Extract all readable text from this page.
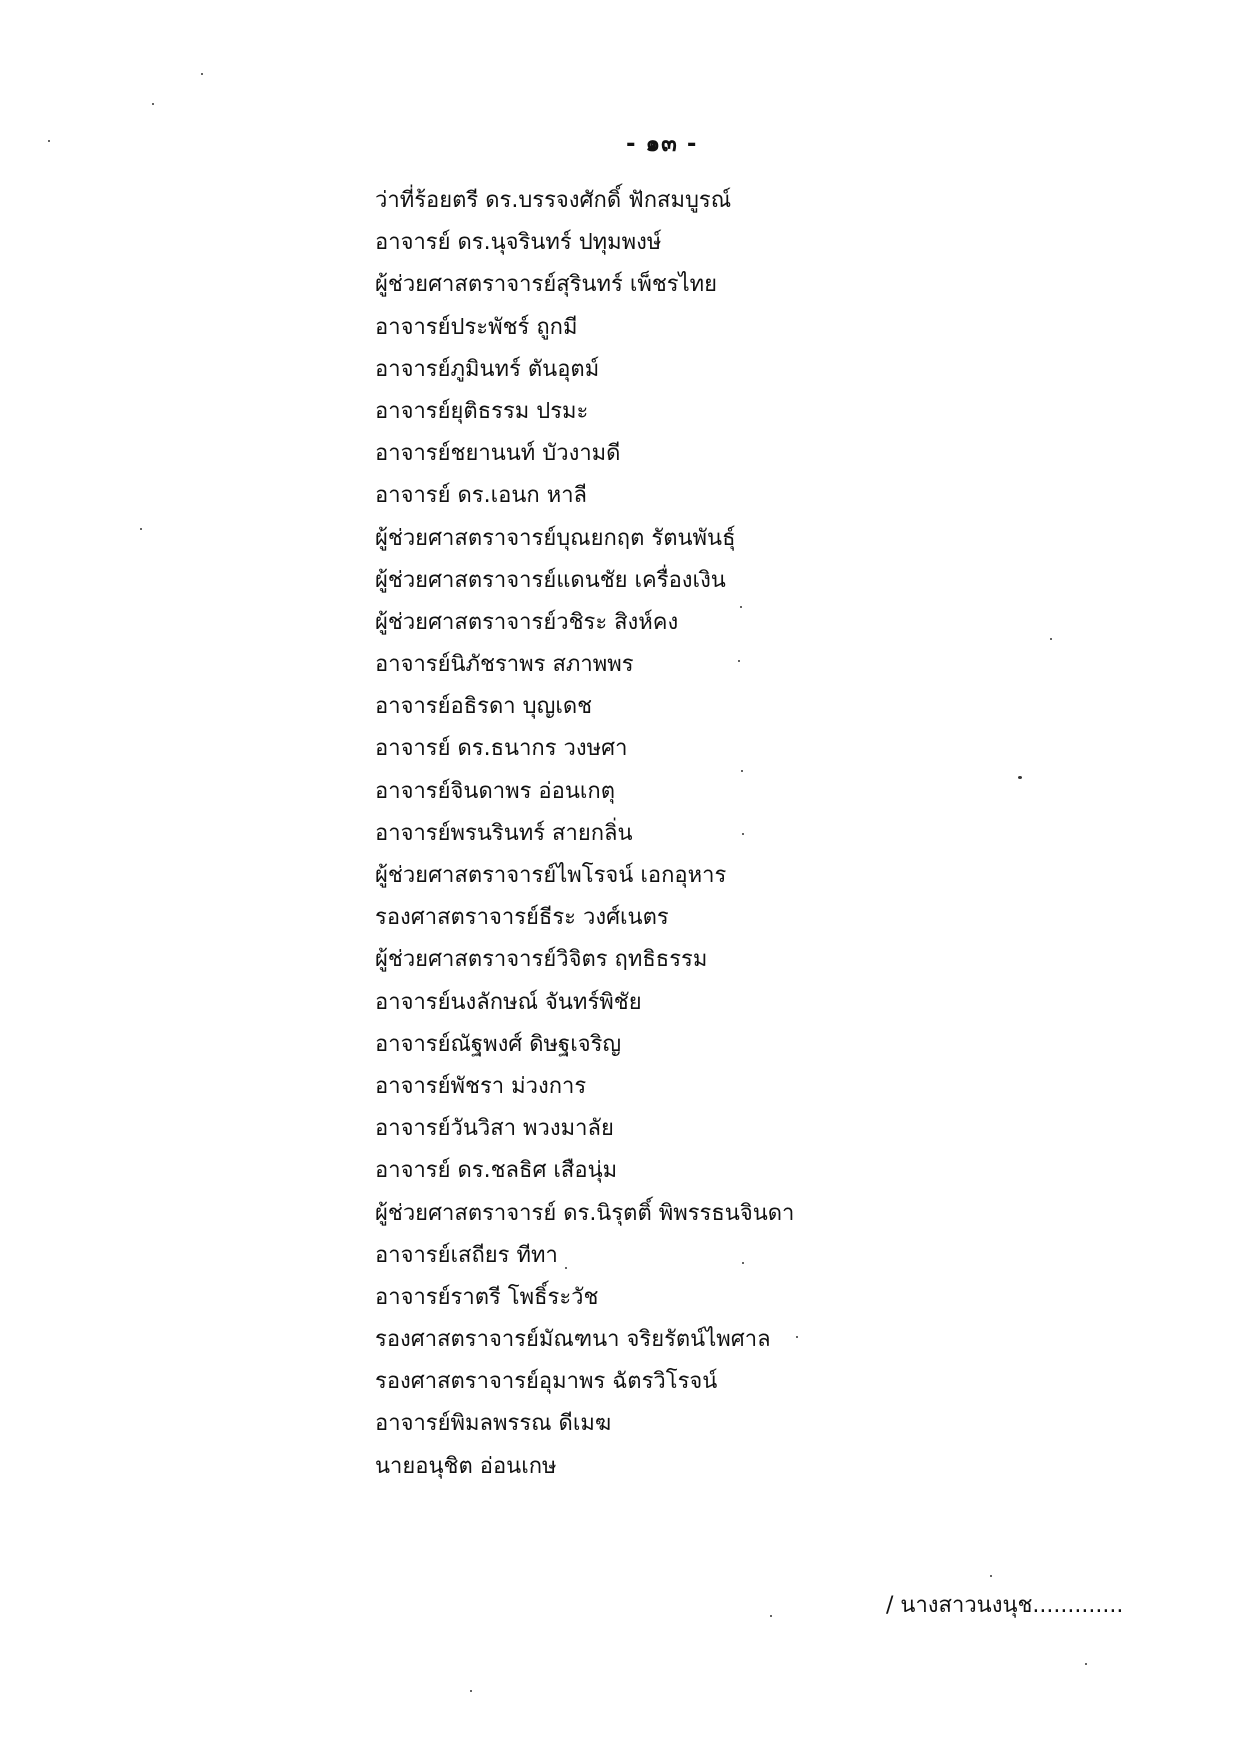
- ๑๓ -
ว่าที่ร้อยตรี ดร.บรรจงศักดิ์ ฟักสมบูรณ์
อาจารย์ ดร.นุจรินทร์ ปทุมพงษ์
ผู้ช่วยศาสตราจารย์สุรินทร์ เพ็ชรไทย
อาจารย์ประพัชร์ ถูกมี
อาจารย์ภูมินทร์ ตันอุตม์
อาจารย์ยุติธรรม ปรมะ
อาจารย์ชยานนท์ บัวงามดี
อาจารย์ ดร.เอนก หาลี
ผู้ช่วยศาสตราจารย์บุณยกฤต รัตนพันธุ์
ผู้ช่วยศาสตราจารย์แดนชัย เครื่องเงิน
ผู้ช่วยศาสตราจารย์วชิระ สิงห์คง
อาจารย์นิภัชราพร สภาพพร
อาจารย์อธิรดา บุญเดช
อาจารย์ ดร.ธนากร วงษศา
อาจารย์จินดาพร อ่อนเกตุ
อาจารย์พรนรินทร์ สายกลิ่น
ผู้ช่วยศาสตราจารย์ไพโรจน์ เอกอุหาร
รองศาสตราจารย์ธีระ วงศ์เนตร
ผู้ช่วยศาสตราจารย์วิจิตร ฤทธิธรรม
อาจารย์นงลักษณ์ จันทร์พิชัย
อาจารย์ณัฐพงศ์ ดิษฐเจริญ
อาจารย์พัชรา ม่วงการ
อาจารย์วันวิสา พวงมาลัย
อาจารย์ ดร.ชลธิศ เสือนุ่ม
ผู้ช่วยศาสตราจารย์ ดร.นิรุตติ์ พิพรรธนจินดา
อาจารย์เสถียร ทีทา
อาจารย์ราตรี โพธิ์ระวัช
รองศาสตราจารย์มัณฑนา จริยรัตน์ไพศาล
รองศาสตราจารย์อุมาพร ฉัตรวิโรจน์
อาจารย์พิมลพรรณ ดีเมฆ
นายอนุชิต อ่อนเกษ
/ นางสาวนงนุช.............
